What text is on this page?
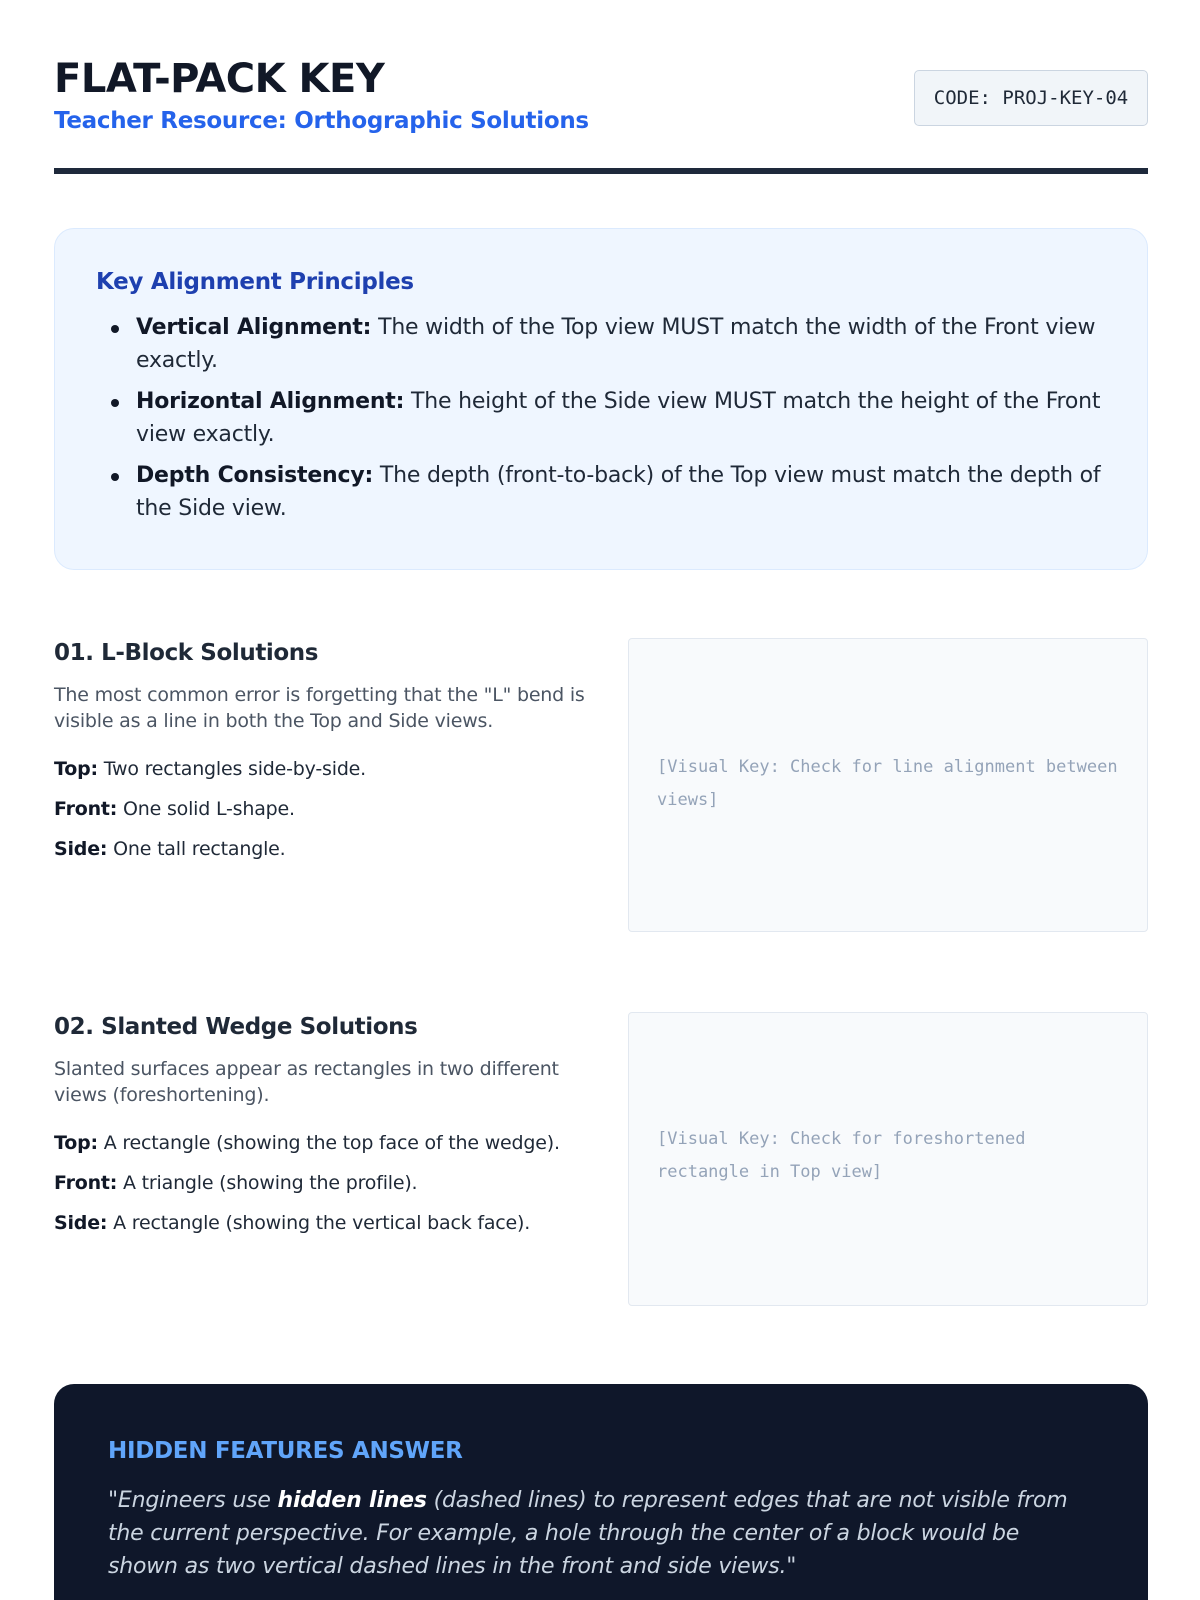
FLAT-PACK KEY
Teacher Resource: Orthographic Solutions
CODE: PROJ-KEY-04
Key Alignment Principles
Vertical Alignment: The width of the Top view MUST match the width of the Front view exactly.
Horizontal Alignment: The height of the Side view MUST match the height of the Front view exactly.
Depth Consistency: The depth (front-to-back) of the Top view must match the depth of the Side view.
01. L-Block Solutions
The most common error is forgetting that the "L" bend is visible as a line in both the Top and Side views.
Top: Two rectangles side-by-side.
Front: One solid L-shape.
Side: One tall rectangle.
[Visual Key: Check for line alignment between views]
02. Slanted Wedge Solutions
Slanted surfaces appear as rectangles in two different views (foreshortening).
Top: A rectangle (showing the top face of the wedge).
Front: A triangle (showing the profile).
Side: A rectangle (showing the vertical back face).
[Visual Key: Check for foreshortened rectangle in Top view]
HIDDEN FEATURES ANSWER

"Engineers use hidden lines (dashed lines) to represent edges that are not visible from the current perspective. For example, a hole through the center of a block would be shown as two vertical dashed lines in the front and side views."
